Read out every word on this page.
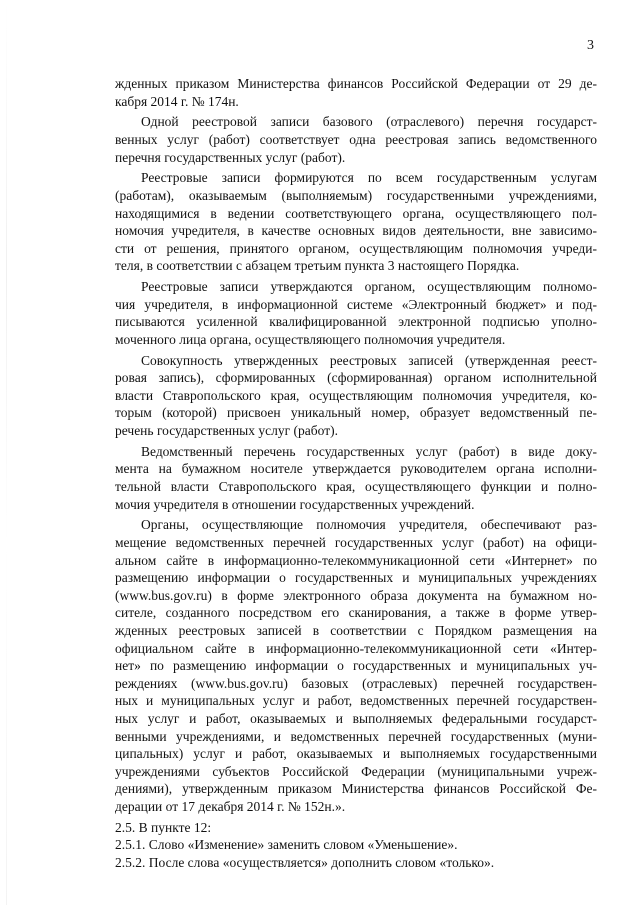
3
жденных приказом Министерства финансов Российской Федерации от 29 де-
кабря 2014 г. № 174н.
Одной реестровой записи базового (отраслевого) перечня государст-
венных услуг (работ) соответствует одна реестровая запись ведомственного
перечня государственных услуг (работ).
Реестровые записи формируются по всем государственным услугам
(работам), оказываемым (выполняемым) государственными учреждениями,
находящимися в ведении соответствующего органа, осуществляющего пол-
номочия учредителя, в качестве основных видов деятельности, вне зависимо-
сти от решения, принятого органом, осуществляющим полномочия учреди-
теля, в соответствии с абзацем третьим пункта 3 настоящего Порядка.
Реестровые записи утверждаются органом, осуществляющим полномо-
чия учредителя, в информационной системе «Электронный бюджет» и под-
писываются усиленной квалифицированной электронной подписью уполно-
моченного лица органа, осуществляющего полномочия учредителя.
Совокупность утвержденных реестровых записей (утвержденная реест-
ровая запись), сформированных (сформированная) органом исполнительной
власти Ставропольского края, осуществляющим полномочия учредителя, ко-
торым (которой) присвоен уникальный номер, образует ведомственный пе-
речень государственных услуг (работ).
Ведомственный перечень государственных услуг (работ) в виде доку-
мента на бумажном носителе утверждается руководителем органа исполни-
тельной власти Ставропольского края, осуществляющего функции и полно-
мочия учредителя в отношении государственных учреждений.
Органы, осуществляющие полномочия учредителя, обеспечивают раз-
мещение ведомственных перечней государственных услуг (работ) на офици-
альном сайте в информационно-телекоммуникационной сети «Интернет» по
размещению информации о государственных и муниципальных учреждениях
(www.bus.gov.ru) в форме электронного образа документа на бумажном но-
сителе, созданного посредством его сканирования, а также в форме утвер-
жденных реестровых записей в соответствии с Порядком размещения на
официальном сайте в информационно-телекоммуникационной сети «Интер-
нет» по размещению информации о государственных и муниципальных уч-
реждениях (www.bus.gov.ru) базовых (отраслевых) перечней государствен-
ных и муниципальных услуг и работ, ведомственных перечней государствен-
ных услуг и работ, оказываемых и выполняемых федеральными государст-
венными учреждениями, и ведомственных перечней государственных (муни-
ципальных) услуг и работ, оказываемых и выполняемых государственными
учреждениями субъектов Российской Федерации (муниципальными учреж-
дениями), утвержденным приказом Министерства финансов Российской Фе-
дерации от 17 декабря 2014 г. № 152н.».

2.5. В пункте 12:

2.5.1. Слово «Изменение» заменить словом «Уменьшение».

2.5.2. После слова «осуществляется» дополнить словом «только».
